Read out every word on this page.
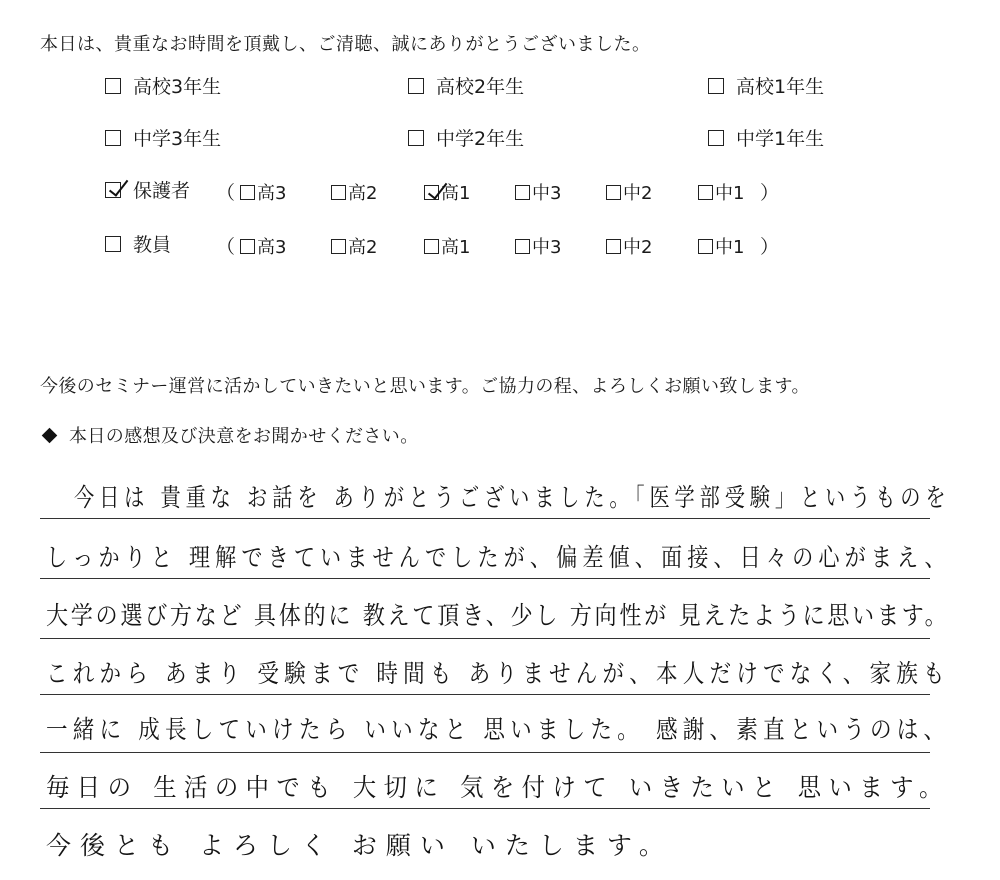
本日は、貴重なお時間を頂戴し、ご清聴、誠にありがとうございました。
高校3年生	高校2年生	高校1年生
中学3年生	中学2年生	中学1年生
保護者 （ 高3	高2	高1	中3	中2	中1 ）
教員 （ 高3	高2	高1	中3	中2	中1 ）
今後のセミナー運営に活かしていきたいと思います。ご協力の程、よろしくお願い致します。
本日の感想及び決意をお聞かせください。
今日は 貴重な お話を ありがとうございました。「医学部受験」というものを
しっかりと 理解できていませんでしたが、偏差値、面接、日々の心がまえ、
大学の選び方など 具体的に 教えて頂き、少し 方向性が 見えたように思います。
これから あまり 受験まで 時間も ありませんが、本人だけでなく、家族も
一緒に 成長していけたら いいなと 思いました。 感謝、素直というのは、
毎日の 生活の中でも 大切に 気を付けて いきたいと 思います。
今後とも よろしく お願い いたします。
